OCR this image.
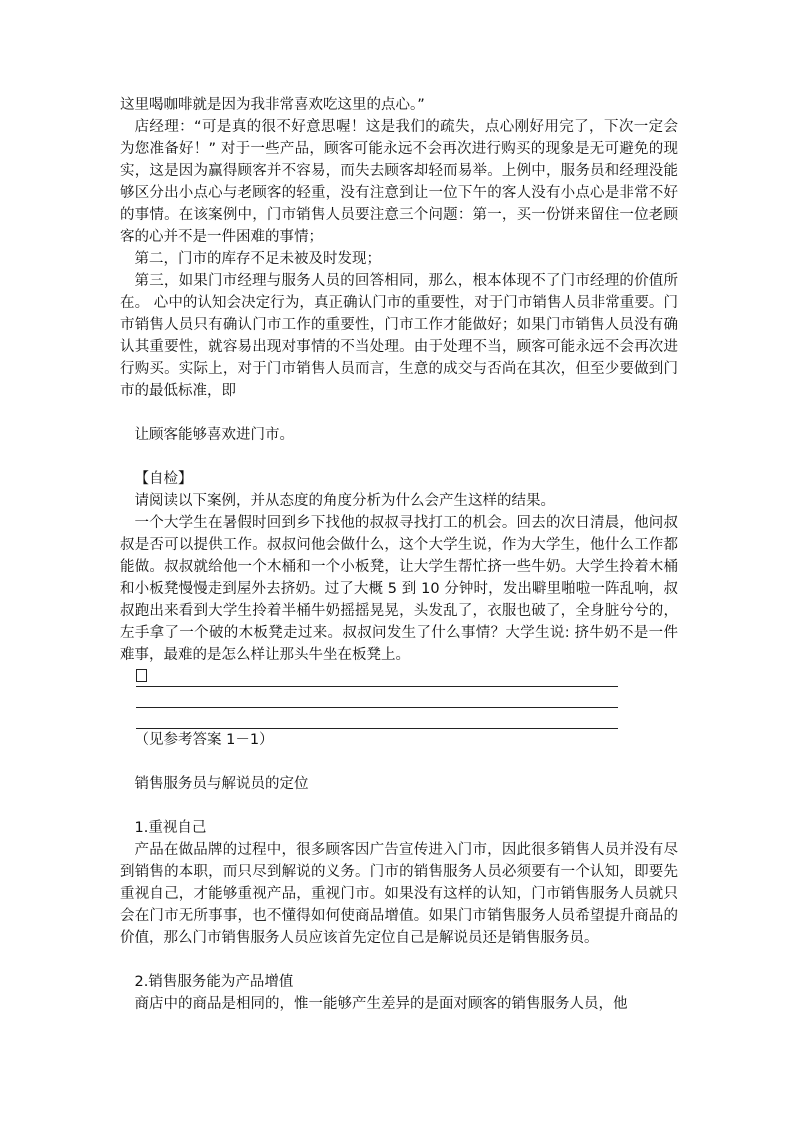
这里喝咖啡就是因为我非常喜欢吃这里的点心。”

店经理：“可是真的很不好意思喔！这是我们的疏失，点心刚好用完了，下次一定会为您准备好！” 对于一些产品，顾客可能永远不会再次进行购买的现象是无可避免的现实，这是因为赢得顾客并不容易，而失去顾客却轻而易举。上例中，服务员和经理没能够区分出小点心与老顾客的轻重，没有注意到让一位下午的客人没有小点心是非常不好的事情。在该案例中，门市销售人员要注意三个问题：第一，买一份饼来留住一位老顾客的心并不是一件困难的事情；

第二，门市的库存不足未被及时发现；

第三，如果门市经理与服务人员的回答相同，那么，根本体现不了门市经理的价值所在。 心中的认知会决定行为，真正确认门市的重要性，对于门市销售人员非常重要。门市销售人员只有确认门市工作的重要性，门市工作才能做好；如果门市销售人员没有确认其重要性，就容易出现对事情的不当处理。由于处理不当，顾客可能永远不会再次进行购买。实际上，对于门市销售人员而言，生意的成交与否尚在其次，但至少要做到门市的最低标准，即

让顾客能够喜欢进门市。

【自检】

请阅读以下案例，并从态度的角度分析为什么会产生这样的结果。

一个大学生在暑假时回到乡下找他的叔叔寻找打工的机会。回去的次日清晨，他问叔叔是否可以提供工作。叔叔问他会做什么，这个大学生说，作为大学生，他什么工作都能做。叔叔就给他一个木桶和一个小板凳，让大学生帮忙挤一些牛奶。大学生拎着木桶和小板凳慢慢走到屋外去挤奶。过了大概 5 到 10 分钟时，发出噼里啪啦一阵乱响，叔叔跑出来看到大学生拎着半桶牛奶摇摇晃晃，头发乱了，衣服也破了，全身脏兮兮的，左手拿了一个破的木板凳走过来。叔叔问发生了什么事情？大学生说: 挤牛奶不是一件难事，最难的是怎么样让那头牛坐在板凳上。

（见参考答案 1－1）

销售服务员与解说员的定位

1.重视自己

产品在做品牌的过程中，很多顾客因广告宣传进入门市，因此很多销售人员并没有尽到销售的本职，而只尽到解说的义务。门市的销售服务人员必须要有一个认知，即要先重视自己，才能够重视产品，重视门市。如果没有这样的认知，门市销售服务人员就只会在门市无所事事，也不懂得如何使商品增值。如果门市销售服务人员希望提升商品的价值，那么门市销售服务人员应该首先定位自己是解说员还是销售服务员。

2.销售服务能为产品增值

商店中的商品是相同的，惟一能够产生差异的是面对顾客的销售服务人员，他
